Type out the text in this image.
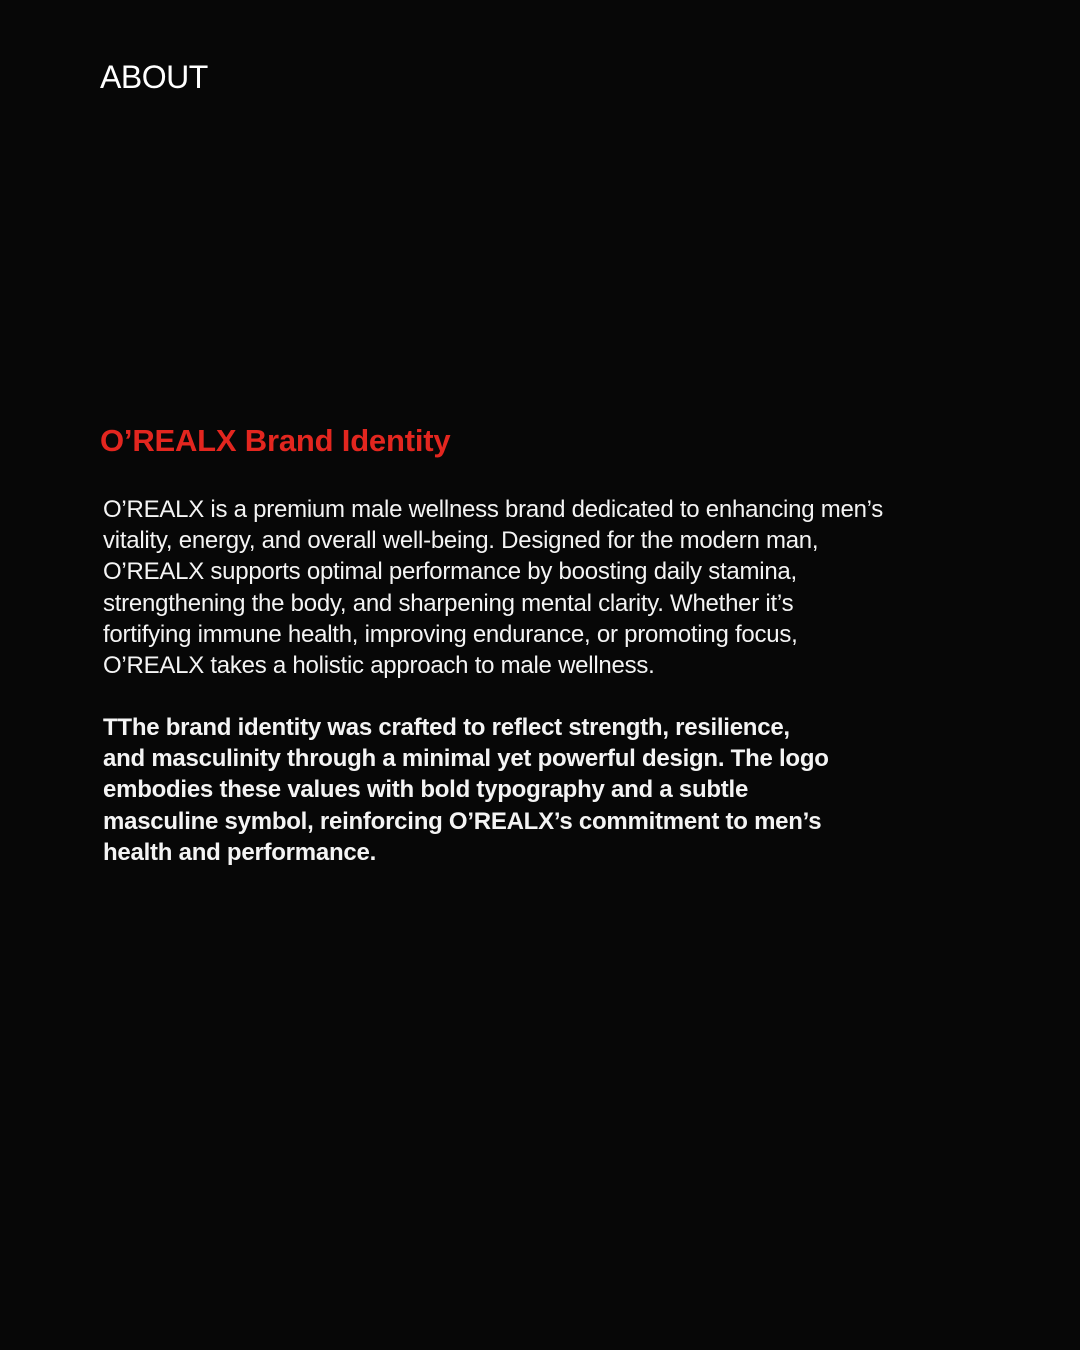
ABOUT
O’REALX Brand Identity

O’REALX is a premium male wellness brand dedicated to enhancing men’s
vitality, energy, and overall well-being. Designed for the modern man,
O’REALX supports optimal performance by boosting daily stamina,
strengthening the body, and sharpening mental clarity. Whether it’s
fortifying immune health, improving endurance, or promoting focus,
O’REALX takes a holistic approach to male wellness.

TThe brand identity was crafted to reflect strength, resilience,
and masculinity through a minimal yet powerful design. The logo
embodies these values with bold typography and a subtle
masculine symbol, reinforcing O’REALX’s commitment to men’s
health and performance.
